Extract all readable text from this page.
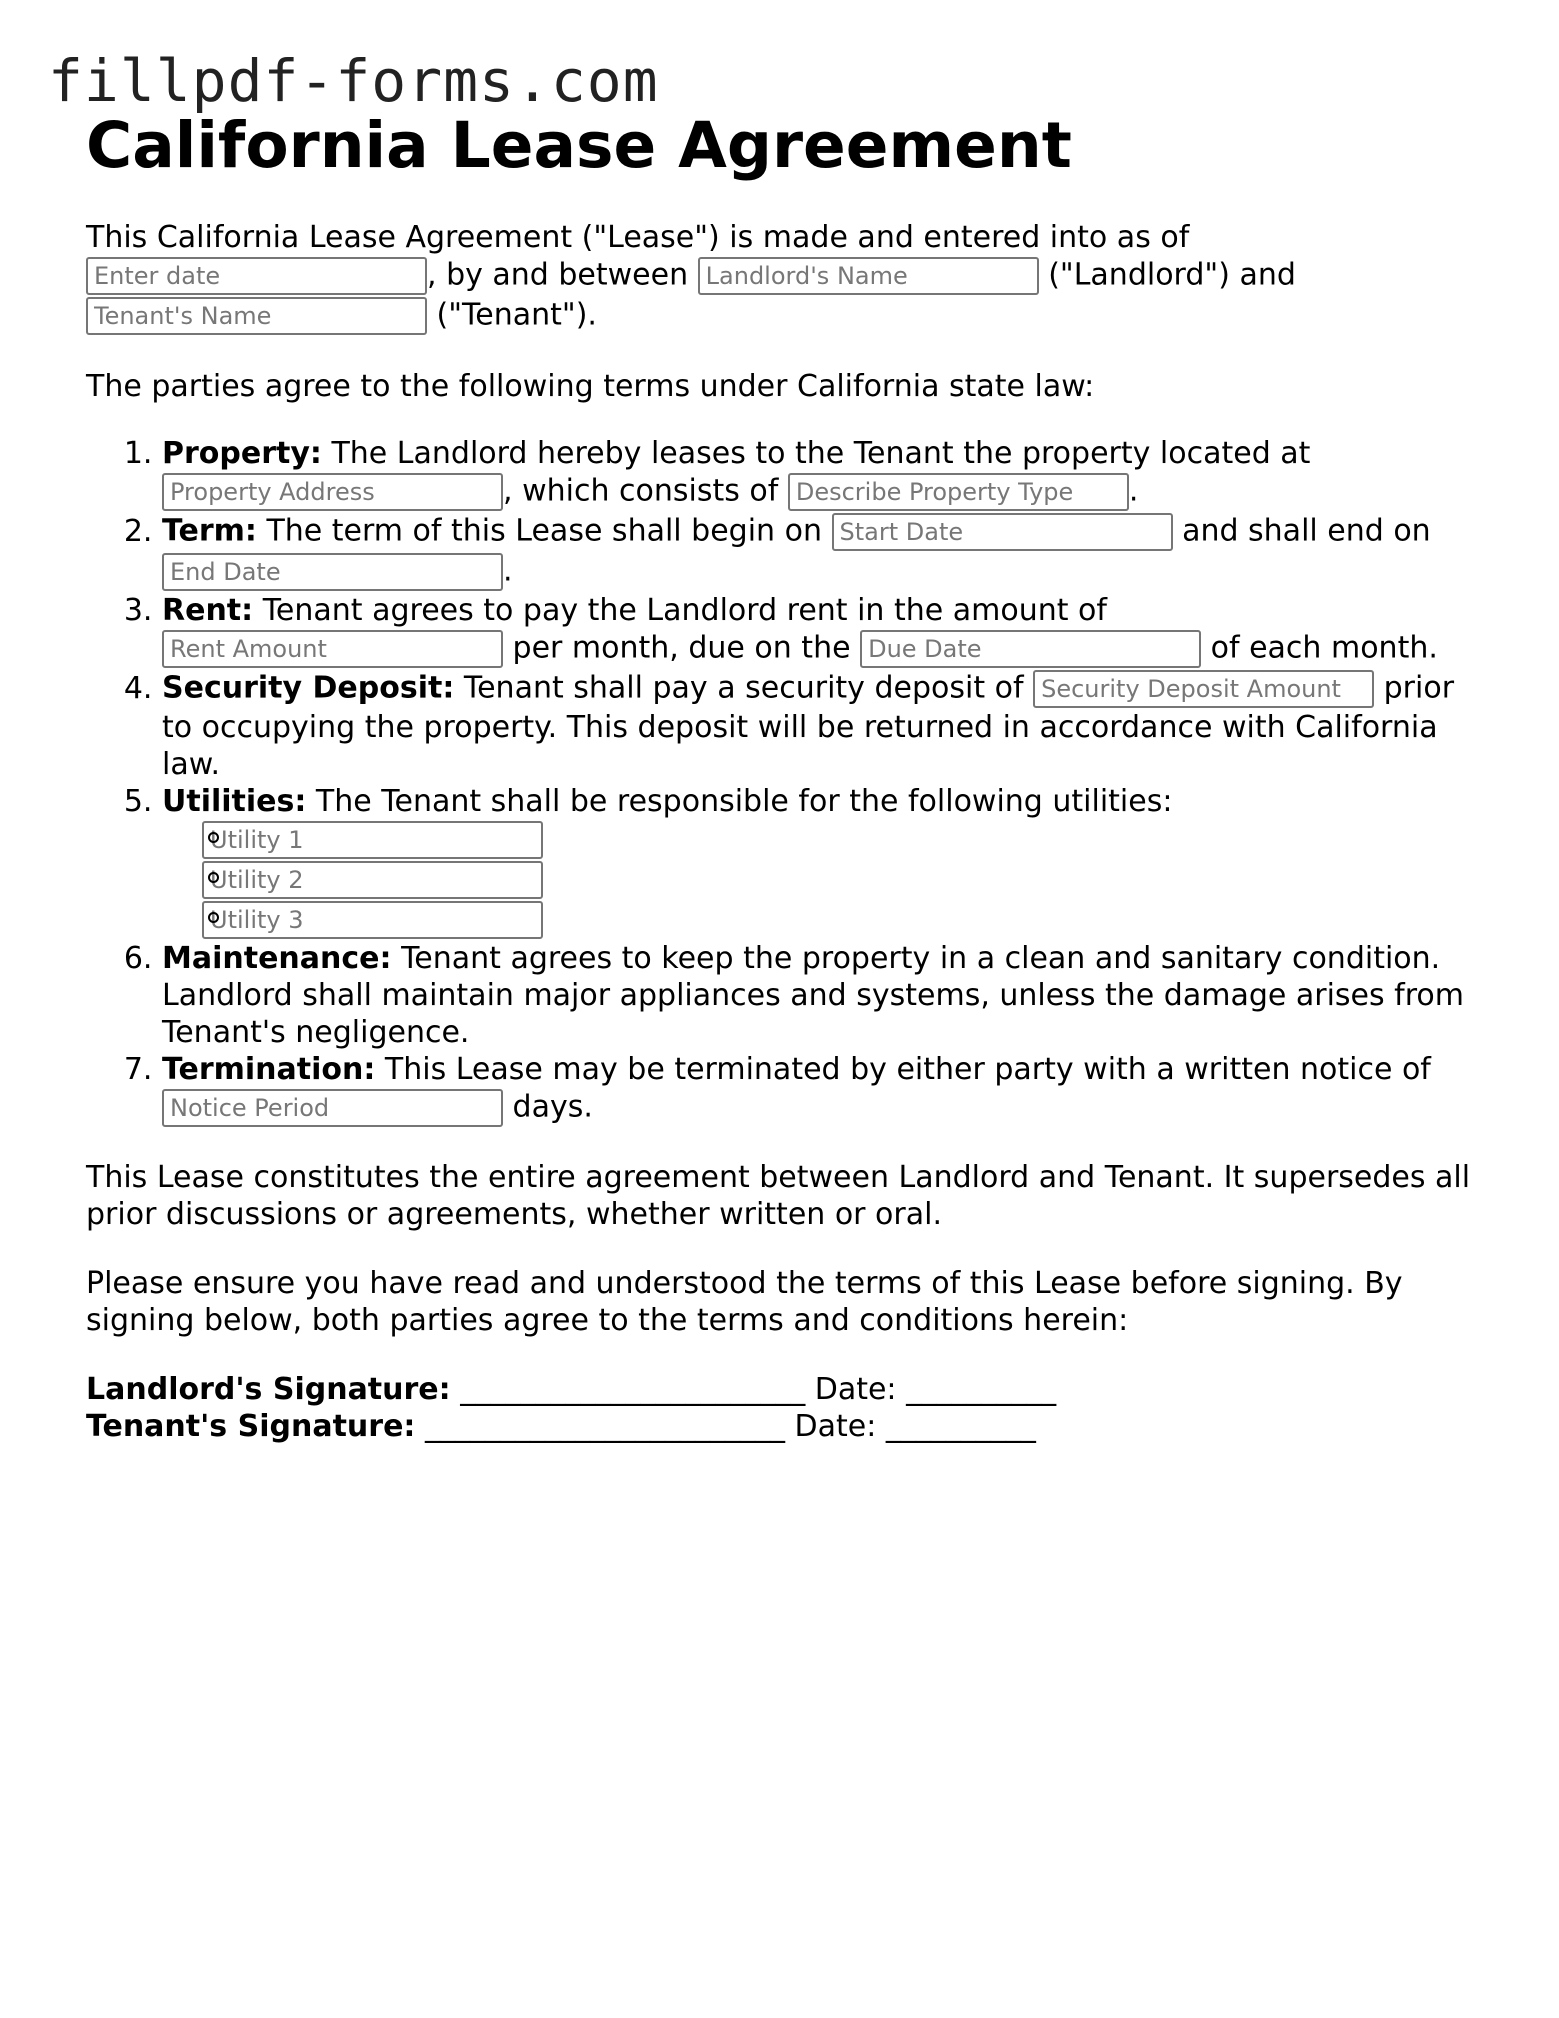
fillpdf-forms.com
California Lease Agreement

This California Lease Agreement ("Lease") is made and entered into as of
Enter date, by and between Landlord's Name	("Landlord") and
Tenant's Name ("Tenant").

The parties agree to the following terms under California state law:

1. Property: The Landlord hereby leases to the Tenant the property located at
Property Address, which consists of Describe Property Type	.
2. Term: The term of this Lease shall begin on Start Date	and shall end on
End Date.
3. Rent: Tenant agrees to pay the Landlord rent in the amount of
Rent Amount per month, due on the Due Date	of each month.
4. Security Deposit: Tenant shall pay a security deposit of Security Deposit Amount	prior to occupying the property. This deposit will be returned in accordance with California law.
5. Utilities: The Tenant shall be responsible for the following utilities:
Utility 1
Utility 2
Utility 3
6. Maintenance: Tenant agrees to keep the property in a clean and sanitary condition. Landlord shall maintain major appliances and systems, unless the damage arises from Tenant's negligence.
7. Termination: This Lease may be terminated by either party with a written notice of
Notice Period days.

This Lease constitutes the entire agreement between Landlord and Tenant. It supersedes all prior discussions or agreements, whether written or oral.

Please ensure you have read and understood the terms of this Lease before signing. By signing below, both parties agree to the terms and conditions herein:

Landlord's Signature: _______________________ Date: __________
Tenant's Signature: ________________________ Date: __________
